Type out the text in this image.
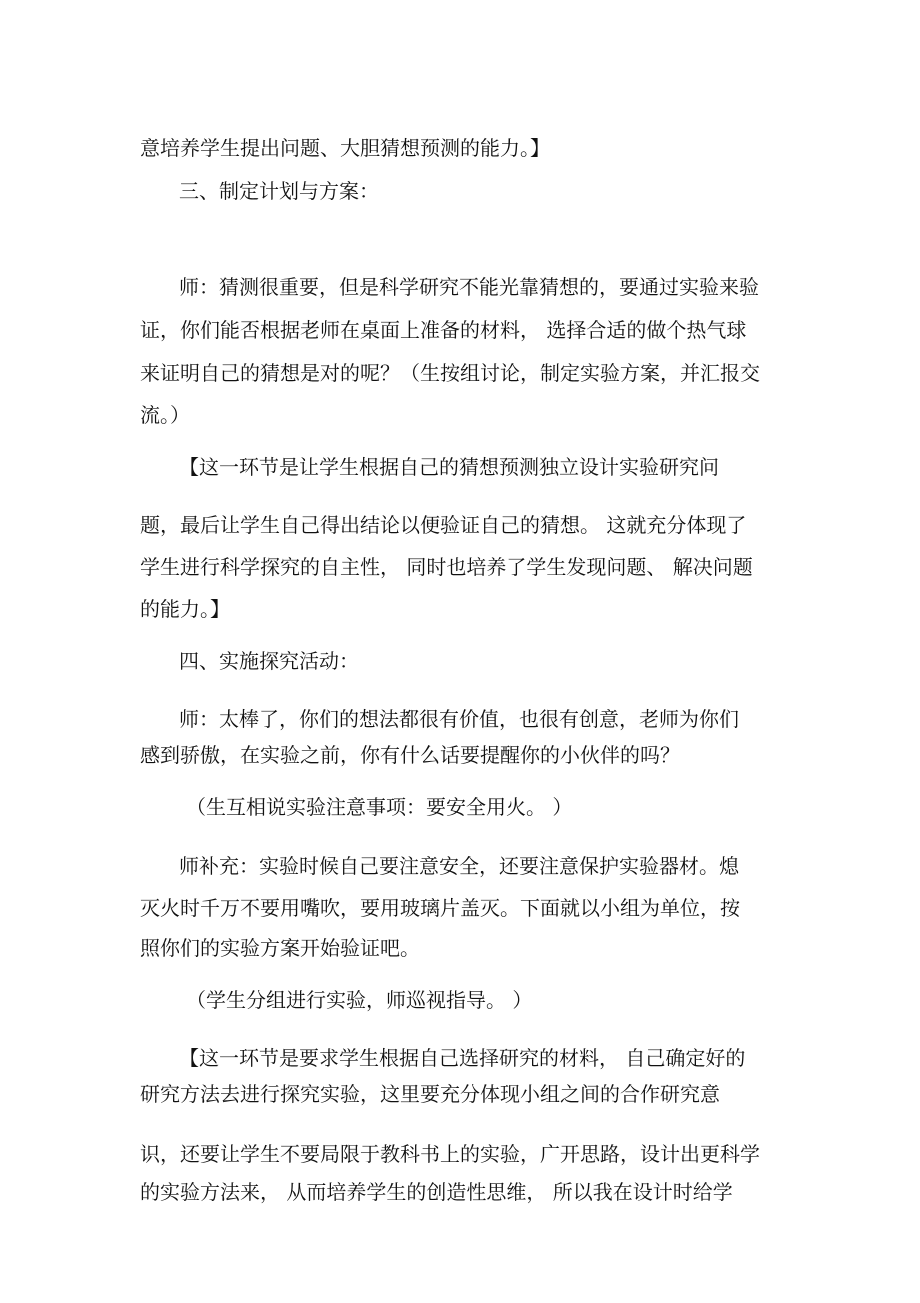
意培养学生提出问题、大胆猜想预测的能力。】

三、制定计划与方案：

师：猜测很重要，但是科学研究不能光靠猜想的，要通过实验来验

证，你们能否根据老师在桌面上准备的材料， 选择合适的做个热气球

来证明自己的猜想是对的呢？（生按组讨论，制定实验方案，并汇报交

流。）

【这一环节是让学生根据自己的猜想预测独立设计实验研究问

题，最后让学生自己得出结论以便验证自己的猜想。 这就充分体现了

学生进行科学探究的自主性， 同时也培养了学生发现问题、 解决问题

的能力。】

四、实施探究活动：

师：太棒了，你们的想法都很有价值，也很有创意，老师为你们

感到骄傲，在实验之前，你有什么话要提醒你的小伙伴的吗？

（生互相说实验注意事项：要安全用火。 ）

师补充：实验时候自己要注意安全，还要注意保护实验器材。熄

灭火时千万不要用嘴吹，要用玻璃片盖灭。下面就以小组为单位，按

照你们的实验方案开始验证吧。

（学生分组进行实验，师巡视指导。 ）

【这一环节是要求学生根据自己选择研究的材料， 自己确定好的

研究方法去进行探究实验，这里要充分体现小组之间的合作研究意

识，还要让学生不要局限于教科书上的实验，广开思路，设计出更科学

的实验方法来， 从而培养学生的创造性思维， 所以我在设计时给学
